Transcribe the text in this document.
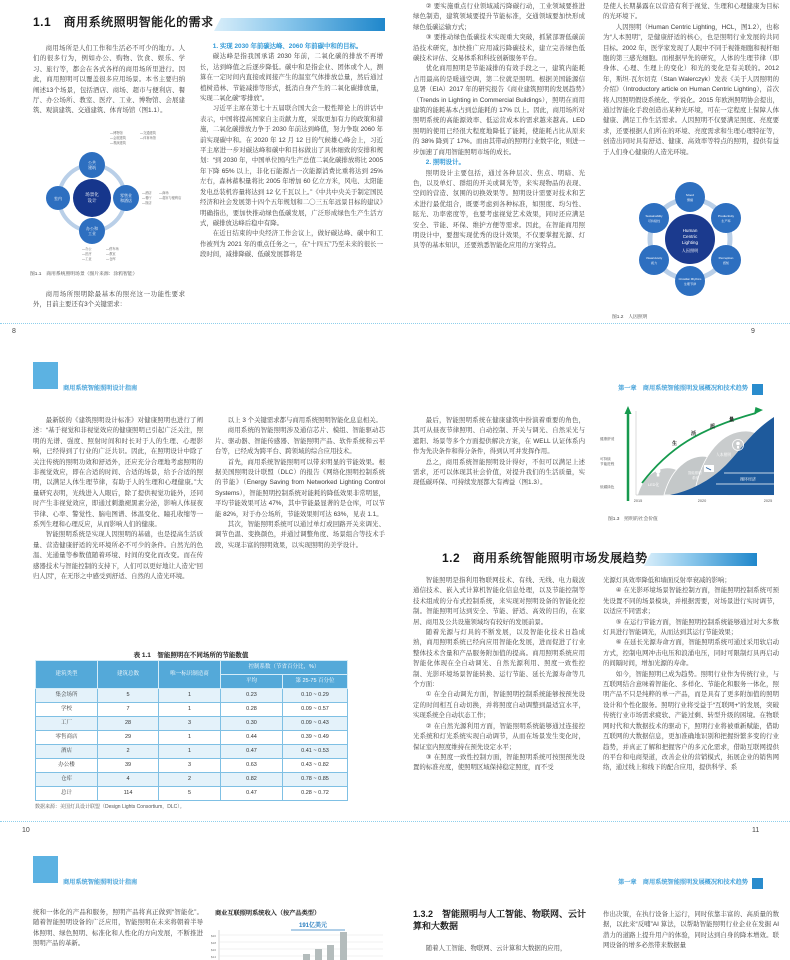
1.1　商用系统照明智能化的需求

商用场所是人们工作和生活必不可少的地方。人们的很多行为，例如办公、购物、饮食、娱乐、学习、旅行等，都会在各式各样的商用场所里进行。因此，商用照明可以覆盖很多应用场景。本书主要归纳阐述13个场景，包括酒店、商场、超市与便利店、餐厅、办公场所、教室、医疗、工业、博物馆、会展建筑、观演建筑、交通建筑、体育场馆（图1.1）。

场景化
设计
公共
建筑
零售业
和酒店
办公和
工业
室内
—博物馆
—会展建筑
—观演建筑
—交通建筑
—体育场馆
—酒店
—餐厅
—饭店
—商场
—超市与便利店
—办公
—医疗
—工业
—停车场
—教室
—仓库
图1.1　商用系统照明场景（图片来源：涂鸦智能）

商用场所照明除最基本的照亮这一功能性要求外，目前主要还有3个关键需求：

1. 实现 2030 年前碳达峰、2060 年前碳中和的目标。

碳达峰是指我国承诺 2030 年前，二氧化碳的排放不再增长，达到峰值之后逐步降低。碳中和是指企业、团体或个人，测算在一定时间内直接或间接产生的温室气体排放总量，然后通过植树造林、节能减排等形式，抵消自身产生的二氧化碳排放量，实现二氧化碳“零排放”。

习近平主席在第七十五届联合国大会一般性辩论上的讲话中表示，中国将提高国家自主贡献力度，采取更加有力的政策和措施，二氧化碳排放力争于 2030 年前达到峰值，努力争取 2060 年前实现碳中和。在 2020 年 12 月 12 日的气候雄心峰会上，习近平主席进一步对碳达峰和碳中和目标做出了具体细致的安排和规划：“到 2030 年，中国单位国内生产总值二氧化碳排放将比 2005 年下降 65% 以上，非化石能源占一次能源消费比重将达到 25% 左右，森林蓄积量将比 2005 年增加 60 亿立方米，风电、太阳能发电总装机容量将达到 12 亿千瓦以上。”《中共中央关于制定国民经济和社会发展第十四个五年规划和二〇三五年远景目标的建议》明确指出，要加快推动绿色低碳发展，广泛形成绿色生产生活方式，碳排放达峰后稳中有降。

在近日结束的中央经济工作会议上，做好碳达峰、碳中和工作被列为 2021 年的重点任务之一，在“十四五”乃至未来的很长一段时间，减排降碳、低碳发展都将是

② 要实施重点行业领域减污降碳行动，工业领域要推进绿色制造，建筑领域要提升节能标准，交通领域要加快形成绿色低碳运输方式；

③ 要推动绿色低碳技术实现重大突破，抓紧部署低碳前沿技术研究，加快推广应用减污降碳技术，建立完善绿色低碳技术评估、交易体系和科技创新服务平台。

优化商用照明是节能减排的有效手段之一，建筑内能耗占用最高的是暖通空调，第二位就是照明。根据美国能源信息署（EIA）2017 年的研究报告《商业建筑照明的发展趋势》（Trends in Lighting in Commercial Buildings），照明在商用建筑的能耗基本占到总能耗的 17% 以上。因此，商用场所对照明系统的高能源效率、低运营成本的需求越来越高。LED 照明的使用已经很大程度地降低了能耗，使能耗占比从原来的 38% 降到了 17%。而由其带动的照明行业数字化，则进一步加速了商用智能照明市场的成长。

2. 照明设计。

照明设计主要包括，通过各种层次、焦点、明暗、光色，以及单灯、群组的开关或调光等，来实现物品的表现、空间的营造、氛围的切换效果等。照明设计需要对技术和艺术进行最优组合，既要考虑到各种标准，如照度、均匀性、眩光、功率密度等，也要考虑视觉艺术效果，同时还应满足安全、节能、环保、维护方便等需求。因此，在智能商用照明设计中，要想实现优秀的设计效果，不仅要掌握光源、灯具等的基本知识，还要熟悉智能化应用的方案特点。

是使人长期暴露在以营造有利于视觉、生理和心理健康为目标的光环境下。

人因照明（Human Centric Lighting，HCL，图1.2），也称为“人本照明”，是健康舒适的核心，也是照明行业发展的共同目标。2002 年，医学家发现了人眼中不同于视锥细胞和视杆细胞的第三感光细胞。而根据早先的研究，人体的生理节律（即身体、心理、生理上的变化）和光的变化是有关联的。2012 年，斯坦·瓦尔切克（Stan Walerczyk）发表《关于人因照明的介绍》（Introductory article on Human Centric Lighting），首次将人因照明假设系统化、学说化。2015 年欧洲照明协会提出，通过智能化手段创造出某种光环境，可在一定程度上保障人体健康、满足工作生活需求。人因照明不仅要满足照度、亮度要求，还要根据人们所在的环境、亮度需求和生理心理特征等，创造出同时具有舒适、健康、高效率等特点的照明，提供有益于人们身心健康的人造光环境。

Human
Centric
Lighting
人因照明
Mood
情绪
Productivity
生产率
Perception
感知
Circadian Rhythms
生理节律
Visual Acuity
视力
Sustainability
可持续性
图1.2　人因照明
8	9
商用系统智能照明设计指南	第一章　商用系统智能照明发展概况和技术趋势

最新版的《建筑照明设计标准》对健康照明也进行了阐述：“基于视觉和非视觉效应的健康照明已引起广泛关注，照明的光谱、强度、照射时间和时长对于人的生理、心理影响，已经得到了行业的广泛共识。因此，在照明设计中除了关注传统的照明功效和舒适外，还应充分合理地考虑照明的非视觉效应，即在合适的时间、合适的场景，给予合适的照明，以满足人体生理节律，有助于人的生理和心理健康。”大量研究表明，光线进入人眼后，除了提供视觉功能外，还同时产生非视觉效应，即通过刺激褪黑素分泌，影响人体昼夜节律、心率、警觉性、脑电图谱、体温变化、瞳孔收缩等一系列生理和心理反应，从而影响人们的健康。

智能照明系统是实现人因照明的基础，也是提高生活质量、营造健康舒适的光环境所必不可少的条件。自然光的色温、光通量等参数值随着环境、时间的变化而改变。而在传感器技术与智能控制的支持下，人们可以更好地让人造光“回归人因”，在无形之中感受到舒适、自然的人造光环境。

以上 3 个关键需求都与商用系统照明智能化息息相关。

商用系统的智能照明涉及通信芯片、模组、智能驱动芯片、驱动器、智能传感器、智能照明产品、软件系统和云平台等，已经成为跨平台、跨领域的综合应用技术。

首先，商用系统智能照明可以带来明显的节能效果。根据美国照明设计联盟（DLC）的报告《网络化照明控制系统的节能》（Energy Saving from Networked Lighting Control Systems），智能照明控制系统对能耗的降低效果非常明显，平均节能效果可达 47%，其中节能最显著的是仓库，可以节能 82%，对于办公场所，节能效果则可达 63%，见表 1.1。

其次，智能照明系统可以通过单灯或回路开关来调光、调节色温、变换颜色，并通过调整角度、场景组合等技术手段，实现丰富的照明效果，以实现照明的美学设计。

表 1.1　智能照明在不同场所的节能数值
建筑类型	建筑总数	唯一标识制造商	控制系数（节省百分比，%）	
			平均	第 25-75 百分位
集会场所	5	1	0.23	0.10 ~ 0.29
学校	7	1	0.28	0.09 ~ 0.57
工厂	28	3	0.30	0.09 ~ 0.43
零售商店	29	1	0.44	0.39 ~ 0.49
酒店	2	1	0.47	0.41 ~ 0.53
办公楼	39	3	0.63	0.43 ~ 0.82
仓库	4	2	0.82	0.78 ~ 0.85
总计	114	5	0.47	0.28 ~ 0.72
数据来源：美国灯具设计联盟（Design Lights Consortium，DLC）。

最后，智能照明系统在健康建筑中扮演着重要的角色，其可从昼夜节律照明、自动控制、开关与调光、自然采光与遮阳、场景等多个方面提供解决方案，在 WELL 认证体系内作为先决条件和得分条件，得到认可并发挥作用。

总之，商用系统智能照明设计得好，不但可以满足上述需求，还可以体现其社会价值，对提升我们的生活质量，实现低碳环保、可持续发展都大有裨益（图1.3）。

健康舒适
可持续
节能进程
低碳绿色
循环经济
LED化
智能照明
系统
人本照明
生
活
质
量
2015	2020	2025
图1.3　照明的社会价值
1.2　商用系统智能照明市场发展趋势

智能照明是指利用物联网技术、有线、无线、电力载波通信技术、嵌入式计算机智能化信息处理，以及节能控制等技术组成的分布式控制系统，来实现对照明设备的智能化控制。智能照明可达到安全、节能、舒适、高效的目的，在家居、商用及公共设施领域均有较好的发展前景。

随着光源与灯具的不断发展，以及智能化技术日趋成熟，商用照明系统已经向应用智能化发展，进而促进了行业整体技术含量和产品服务附加值的提高。商用照明系统应用智能化体现在全自动调光、自然光源利用、照度一致性控制、光影环境场景智能转换、运行节能、延长光源寿命等几个方面：

① 在全自动调光方面，智能照明控制系统能够按预先设定的时间相互自动切换，并将照度自动调整到最适宜水平，实现系统全自动状态工作；

② 在自然光源利用方面，智能照明系统能够通过连接控光系统和灯光系统实现自动调节，从而在场景发生变化时，保证室内照度维持在预先设定水平；

③ 在照度一致性控制方面，智能照明系统可按照预先设置的标准亮度，使照明区域保持稳定照度，而不受

光源灯具效率降低和墙面反射率衰减的影响；

④ 在光影环境场景智能控制方面，智能照明控制系统可预先设置不同的场景模块，并根据需要，对场景进行实时调节，以适应不同需求；

⑤ 在运行节能方面，智能照明控制系统能够通过对大多数灯具进行智能调光，从而达到其运行节能效果；

⑥ 在延长光源寿命方面，智能照明系统可通过采用软启动方式，控制电网冲击电压和浪涌电压，同时可限制灯具再启动的间隔时间，增加光源的寿命。

如今，智能照明已成为趋势。照明行业作为传统行业，与互联网结合意味着智能化、多样化、节能化和服务一体化，照明产品不只是纯粹的单一产品，而是具有了更多附加值的照明设计和个性化服务。照明行业将受益于“互联网+”的发展，突破传统行业市场需求疲软、产能过剩、转型升级的困境。在物联网时代和大数据技术的驱动下，照明行业将被重新赋能，借助互联网的大数据信息，更加准确地识别和把握纷繁多变的行业趋势，并真正了解和把握客户的多元化需求，借助互联网提供的平台和电商渠道，改善企业的营销模式，拓展企业的销售网络，通过线上和线下的配合应用，提供科学、系

10	11
商用系统智能照明设计指南	第一章　商用系统智能照明发展概况和技术趋势

统和一体化的产品和服务，照明产品将真正做到“智能化”。随着智能照明设备的广泛应用，智能照明在未来将朝着半导体照明、绿色照明、标准化和人性化的方向发展，不断推进照明产品的革新。

商业互联照明系统收入（按产品类型）
191亿美元
$20
$18
$16
$14
1.3.2　智能照明与人工智能、物联网、云计算和大数据

随着人工智能、物联网、云计算和大数据的应用，

作出决策，在执行设备上运行，同时依靠丰富的、高质量的数据，以此来“反哺”AI 算法，以帮助智能照明行业企业在发掘 AI 潜力的道路上提升用户的体验，同时达到自身的降本增效。联网设备的增多必然带来数据量
